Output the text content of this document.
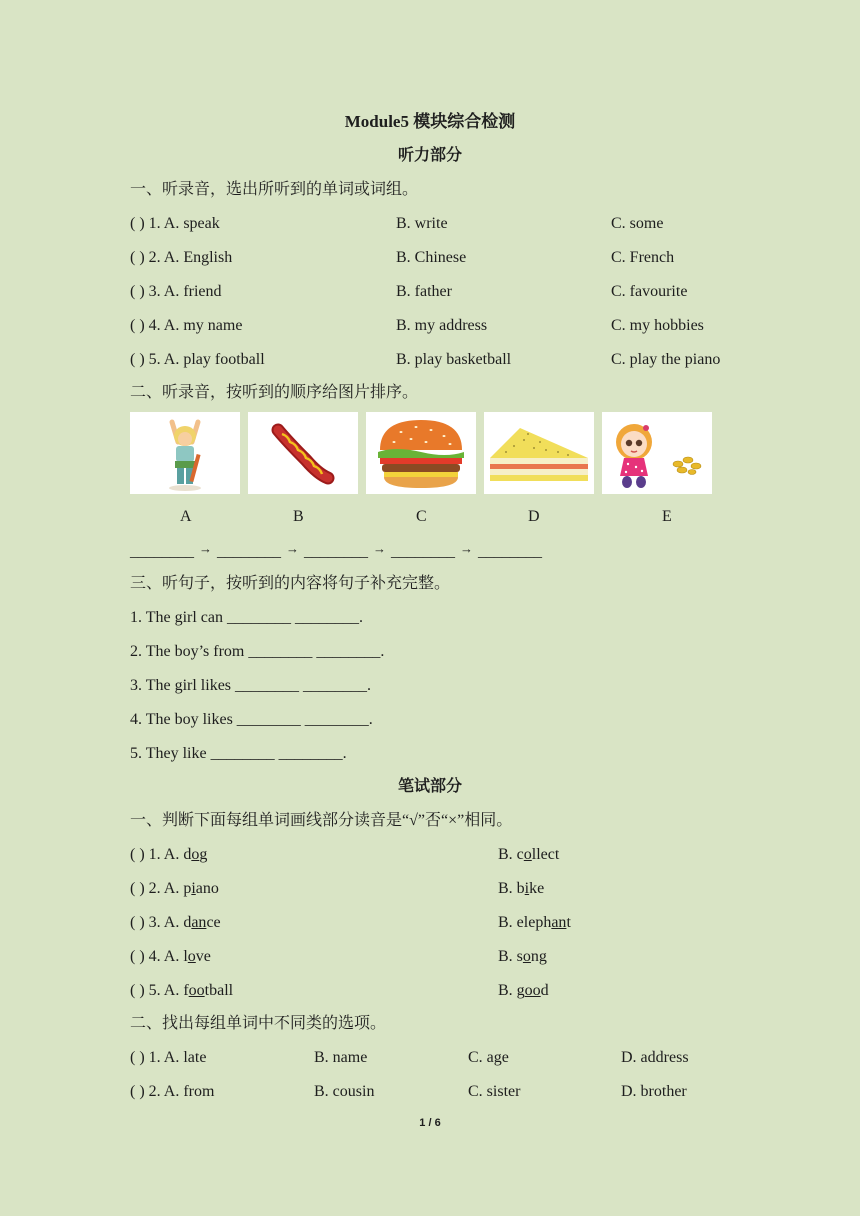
Module5 模块综合检测
听力部分
一、听录音，选出所听到的单词或词组。
( ) 1. A. speak	B. write	C. some
( ) 2. A. English	B. Chinese	C. French
( ) 3. A. friend	B. father	C. favourite
( ) 4. A. my name	B. my address	C. my hobbies
( ) 5. A. play football	B. play basketball	C. play the piano
二、听录音，按听到的顺序给图片排序。
A	B	C	D	E
________ → ________ → ________ → ________ → ________
三、听句子，按听到的内容将句子补充完整。
1. The girl can ________ ________.
2. The boy’s from ________ ________.
3. The girl likes ________ ________.
4. The boy likes ________ ________.
5. They like ________ ________.
笔试部分
一、判断下面每组单词画线部分读音是“√”否“×”相同。
( ) 1. A. dog	B. collect
( ) 2. A. piano	B. bike
( ) 3. A. dance	B. elephant
( ) 4. A. love	B. song
( ) 5. A. football	B. good
二、找出每组单词中不同类的选项。
( ) 1. A. late	B. name	C. age	D. address
( ) 2. A. from	B. cousin	C. sister	D. brother
1 / 6
